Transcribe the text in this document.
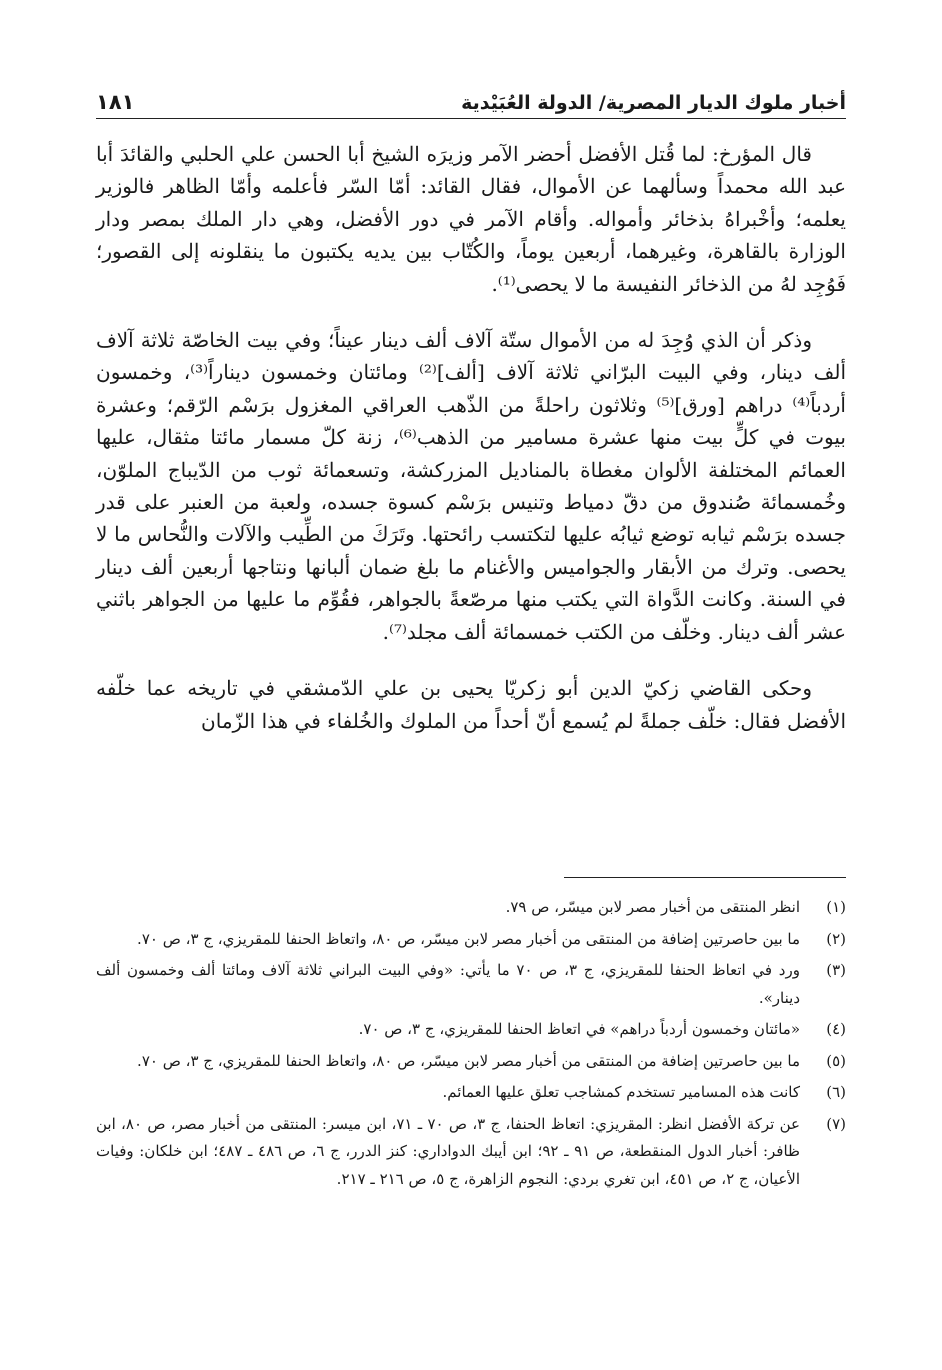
أخبار ملوك الديار المصرية/ الدولة العُبَيْدية
١٨١

قال المؤرخ: لما قُتل الأفضل أحضر الآمر وزيرَه الشيخ أبا الحسن علي الحلبي والقائدَ أبا عبد الله محمداً وسألهما عن الأموال، فقال القائد: أمّا السّر فأعلمه وأمّا الظاهر فالوزير يعلمه؛ وأخْبراهُ بذخائر وأمواله. وأقام الآمر في دور الأفضل، وهي دار الملك بمصر ودار الوزارة بالقاهرة، وغيرهما، أربعين يوماً، والكُتّاب بين يديه يكتبون ما ينقلونه إلى القصور؛ فَوُجِد لهُ من الذخائر النفيسة ما لا يحصى⁽¹⁾.

وذكر أن الذي وُجِدَ له من الأموال ستّة آلاف ألف دينار عيناً؛ وفي بيت الخاصّة ثلاثة آلاف ألف دينار، وفي البيت البرّاني ثلاثة آلاف [ألف]⁽²⁾ ومائتان وخمسون ديناراً⁽³⁾، وخمسون أردباً⁽⁴⁾ دراهم [ورق]⁽⁵⁾ وثلاثون راحلةً من الذّهب العراقي المغزول برَسْم الرّقم؛ وعشرة بيوت في كلٍّ بيت منها عشرة مسامير من الذهب⁽⁶⁾، زنة كلّ مسمار مائتا مثقال، عليها العمائم المختلفة الألوان مغطاة بالمناديل المزركشة، وتسعمائة ثوب من الدّيباج الملوّن، وخُمسمائة صُندوق من دقّ دمياط وتنيس برَسْم كسوة جسده، ولعبة من العنبر على قدر جسده برَسْم ثيابه توضع ثيابُه عليها لتكتسب رائحتها. وتَرَكَ من الطِّيب والآلات والنُّحاس ما لا يحصى. وترك من الأبقار والجواميس والأغنام ما بلغ ضمان ألبانها ونتاجها أربعين ألف دينار في السنة. وكانت الدَّواة التي يكتب منها مرصّعةً بالجواهر، فقُوِّم ما عليها من الجواهر باثني عشر ألف دينار. وخلّف من الكتب خمسمائة ألف مجلد⁽⁷⁾.

وحكى القاضي زكيّ الدين أبو زكريّا يحيى بن علي الدّمشقي في تاريخه عما خلّفه الأفضل فقال: خلّف جملةً لم يُسمع أنّ أحداً من الملوك والخُلفاء في هذا الزّمان

(١)
انظر المنتقى من أخبار مصر لابن ميسّر، ص ٧٩.
(٢)
ما بين حاصرتين إضافة من المنتقى من أخبار مصر لابن ميسّر، ص ٨٠، واتعاظ الحنفا للمقريزي، ج ٣، ص ٧٠.
(٣)
ورد في اتعاظ الحنفا للمقريزي، ج ٣، ص ٧٠ ما يأتي: «وفي البيت البراني ثلاثة آلاف ومائتا ألف وخمسون ألف دينار».
(٤)
«مائتان وخمسون أردباً دراهم» في اتعاظ الحنفا للمقريزي، ج ٣، ص ٧٠.
(٥)
ما بين حاصرتين إضافة من المنتقى من أخبار مصر لابن ميسّر، ص ٨٠، واتعاظ الحنفا للمقريزي، ج ٣، ص ٧٠.
(٦)
كانت هذه المسامير تستخدم كمشاجب تعلق عليها العمائم.
(٧)
عن تركة الأفضل انظر: المقريزي: اتعاظ الحنفا، ج ٣، ص ٧٠ ـ ٧١، ابن ميسر: المنتقى من أخبار مصر، ص ٨٠، ابن ظافر: أخبار الدول المنقطعة، ص ٩١ ـ ٩٢؛ ابن أيبك الدواداري: كنز الدرر، ج ٦، ص ٤٨٦ ـ ٤٨٧؛ ابن خلكان: وفيات الأعيان، ج ٢، ص ٤٥١، ابن تغري بردي: النجوم الزاهرة، ج ٥، ص ٢١٦ ـ ٢١٧.
